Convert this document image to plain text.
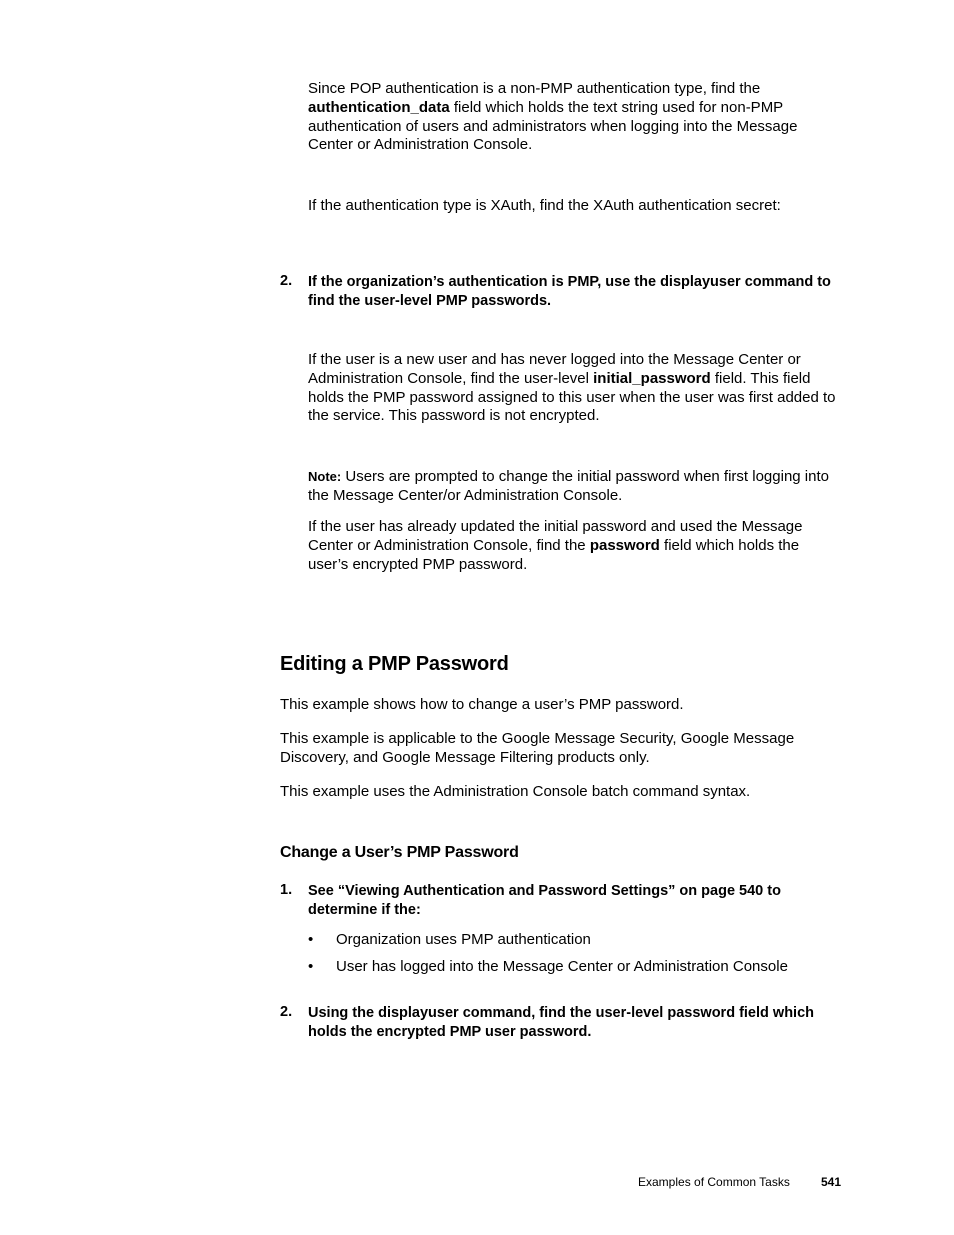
Since POP authentication is a non-PMP authentication type, find the authentication_data field which holds the text string used for non-PMP authentication of users and administrators when logging into the Message Center or Administration Console.

If the authentication type is XAuth, find the XAuth authentication secret:

2. If the organization’s authentication is PMP, use the displayuser command to find the user-level PMP passwords.

If the user is a new user and has never logged into the Message Center or Administration Console, find the user-level initial_password field. This field holds the PMP password assigned to this user when the user was first added to the service. This password is not encrypted.

Note: Users are prompted to change the initial password when first logging into the Message Center/or Administration Console.

If the user has already updated the initial password and used the Message Center or Administration Console, find the password field which holds the user’s encrypted PMP password.

Editing a PMP Password

This example shows how to change a user’s PMP password.

This example is applicable to the Google Message Security, Google Message Discovery, and Google Message Filtering products only.

This example uses the Administration Console batch command syntax.

Change a User’s PMP Password
1. See “Viewing Authentication and Password Settings” on page 540 to determine if the:

• Organization uses PMP authentication
• User has logged into the Message Center or Administration Console
2. Using the displayuser command, find the user-level password field which holds the encrypted PMP user password.

Examples of Common Tasks	541
